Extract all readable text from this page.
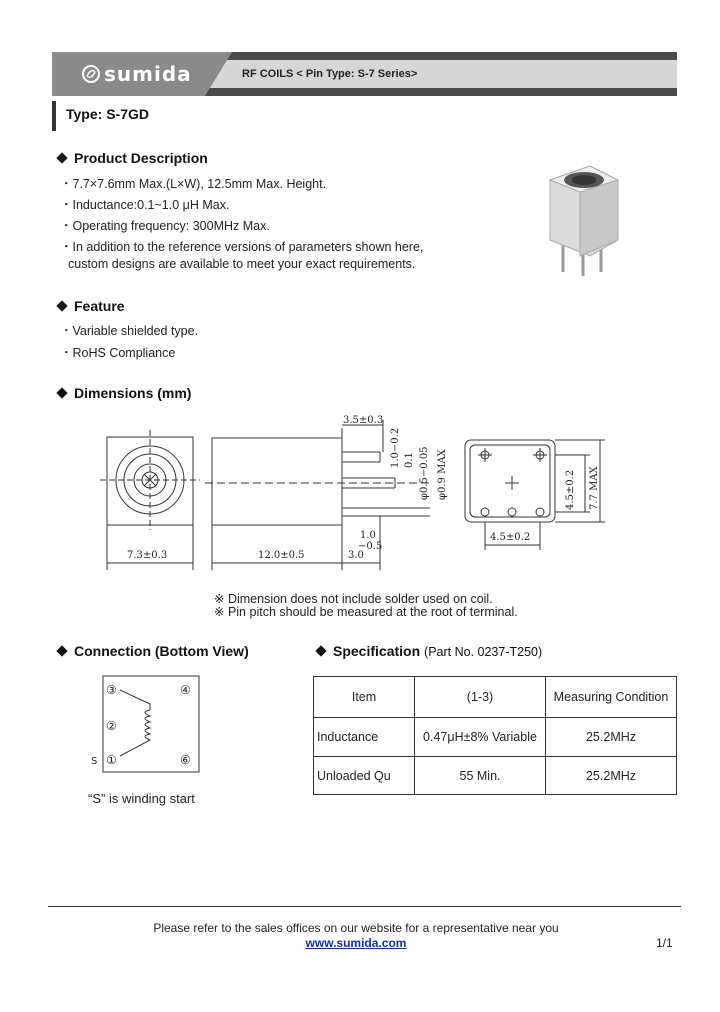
sumida	RF COILS < Pin Type: S-7 Series>
Type: S-7GD
Product Description
・7.7×7.6mm Max.(L×W), 12.5mm Max. Height.
・Inductance:0.1~1.0 μH Max.
・Operating frequency: 300MHz Max.
・In addition to the reference versions of parameters shown here,
custom designs are available to meet your exact requirements.
Feature
・Variable shielded type.
・RoHS Compliance
Dimensions (mm)
7.3±0.3
3.5±0.3
12.0±0.5	3.0
1.0
−0.5
1.0−0.2 0.1 φ0.5−0.05 φ0.9 MAX
4.5±0.2
4.5±0.2 7.7 MAX
※ Dimension does not include solder used on coil.
※ Pin pitch should be measured at the root of terminal.
Connection (Bottom View)
③	④
②
①	⑥
S
“S” is winding start
Specification (Part No. 0237-T250)
Item	(1-3)	Measuring Condition
Inductance	0.47μH±8% Variable	25.2MHz
Unloaded Qu	55 Min.	25.2MHz
Please refer to the sales offices on our website for a representative near you
www.sumida.com	1/1
